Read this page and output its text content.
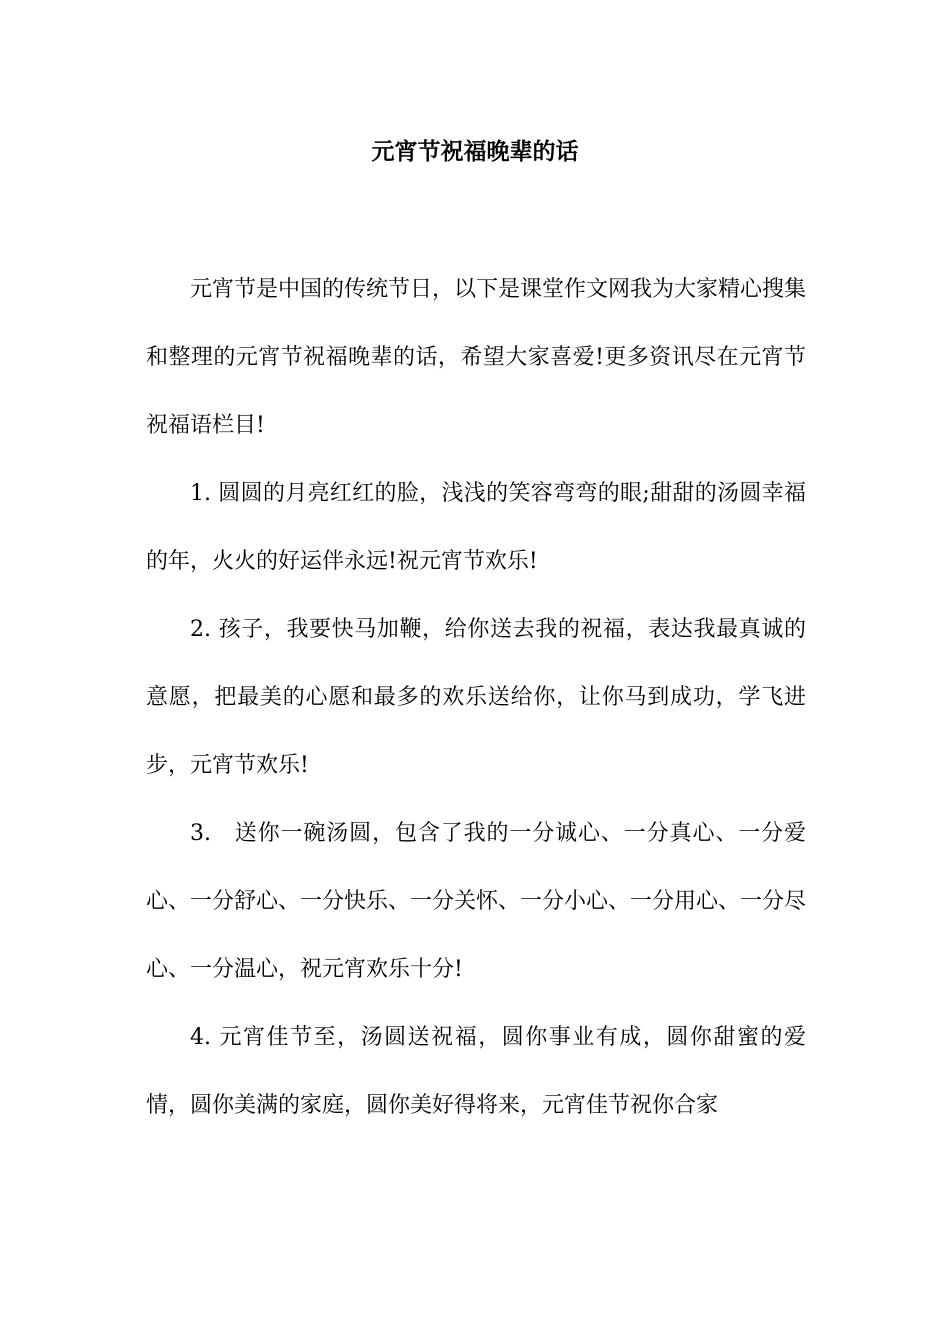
元宵节祝福晚辈的话

元宵节是中国的传统节日，以下是课堂作文网我为大家精心搜集和整理的元宵节祝福晚辈的话，希望大家喜爱!更多资讯尽在元宵节祝福语栏目!

1. 圆圆的月亮红红的脸，浅浅的笑容弯弯的眼;甜甜的汤圆幸福的年，火火的好运伴永远!祝元宵节欢乐!

2. 孩子，我要快马加鞭，给你送去我的祝福，表达我最真诚的意愿，把最美的心愿和最多的欢乐送给你，让你马到成功，学飞进步，元宵节欢乐!

3.　送你一碗汤圆，包含了我的一分诚心、一分真心、一分爱心、一分舒心、一分快乐、一分关怀、一分小心、一分用心、一分尽心、一分温心，祝元宵欢乐十分!

4. 元宵佳节至，汤圆送祝福，圆你事业有成，圆你甜蜜的爱情，圆你美满的家庭，圆你美好得将来，元宵佳节祝你合家
